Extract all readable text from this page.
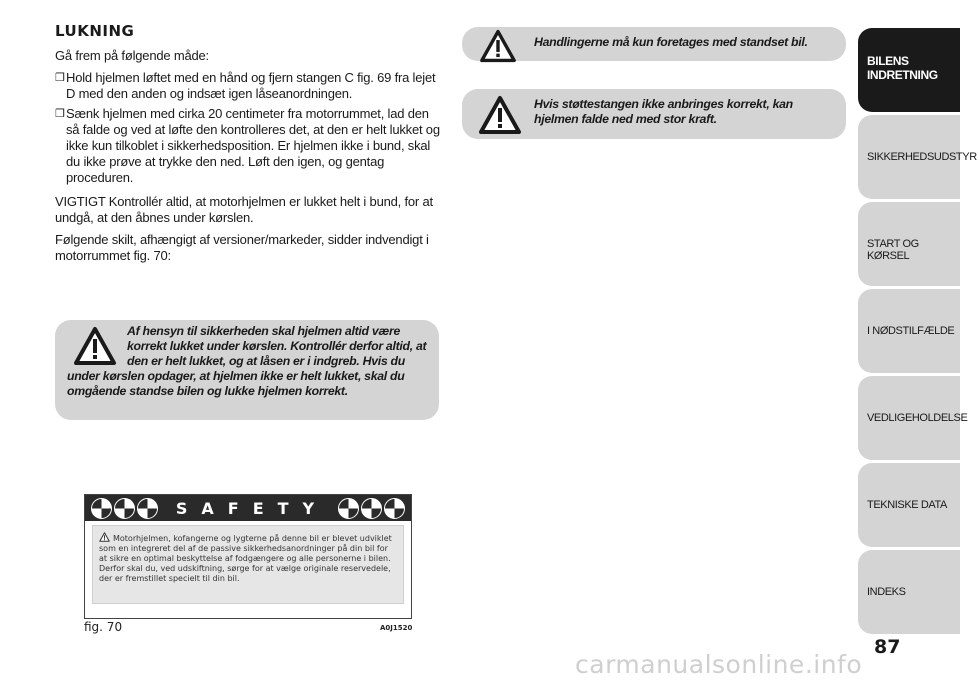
LUKNING

Gå frem på følgende måde:

❒ Hold hjelmen løftet med en hånd og fjern stangen C fig. 69 fra lejet D med den anden og indsæt igen låseanordningen.
❒ Sænk hjelmen med cirka 20 centimeter fra motorrummet, lad den så falde og ved at løfte den kontrolleres det, at den er helt lukket og ikke kun tilkoblet i sikkerhedsposition. Er hjelmen ikke i bund, skal du ikke prøve at trykke den ned. Løft den igen, og gentag proceduren.

VIGTIGT Kontrollér altid, at motorhjelmen er lukket helt i bund, for at undgå, at den åbnes under kørslen.

Følgende skilt, afhængigt af versioner/markeder, sidder indvendigt i motorrummet fig. 70:

Af hensyn til sikkerheden skal hjelmen altid være korrekt lukket under kørslen. Kontrollér derfor altid, at den er helt lukket, og at låsen er i indgreb. Hvis du under kørslen opdager, at hjelmen ikke er helt lukket, skal du omgående standse bilen og lukke hjelmen korrekt.
Handlingerne må kun foretages med standset bil.
Hvis støttestangen ikke anbringes korrekt, kan hjelmen falde ned med stor kraft.
SAFETY
Motorhjelmen, kofangerne og lygterne på denne bil er blevet udviklet som en integreret del af de passive sikkerhedsanordninger på din bil for at sikre en optimal beskyttelse af fodgængere og alle personerne i bilen. Derfor skal du, ved udskiftning, sørge for at vælge originale reservedele, der er fremstillet specielt til din bil.
fig. 70	A0J1520
BILENS INDRETNING
SIKKERHEDSUDSTYR
START OG KØRSEL
I NØDSTILFÆLDE
VEDLIGEHOLDELSE
TEKNISKE DATA
INDEKS
87
carmanualsonline.info
